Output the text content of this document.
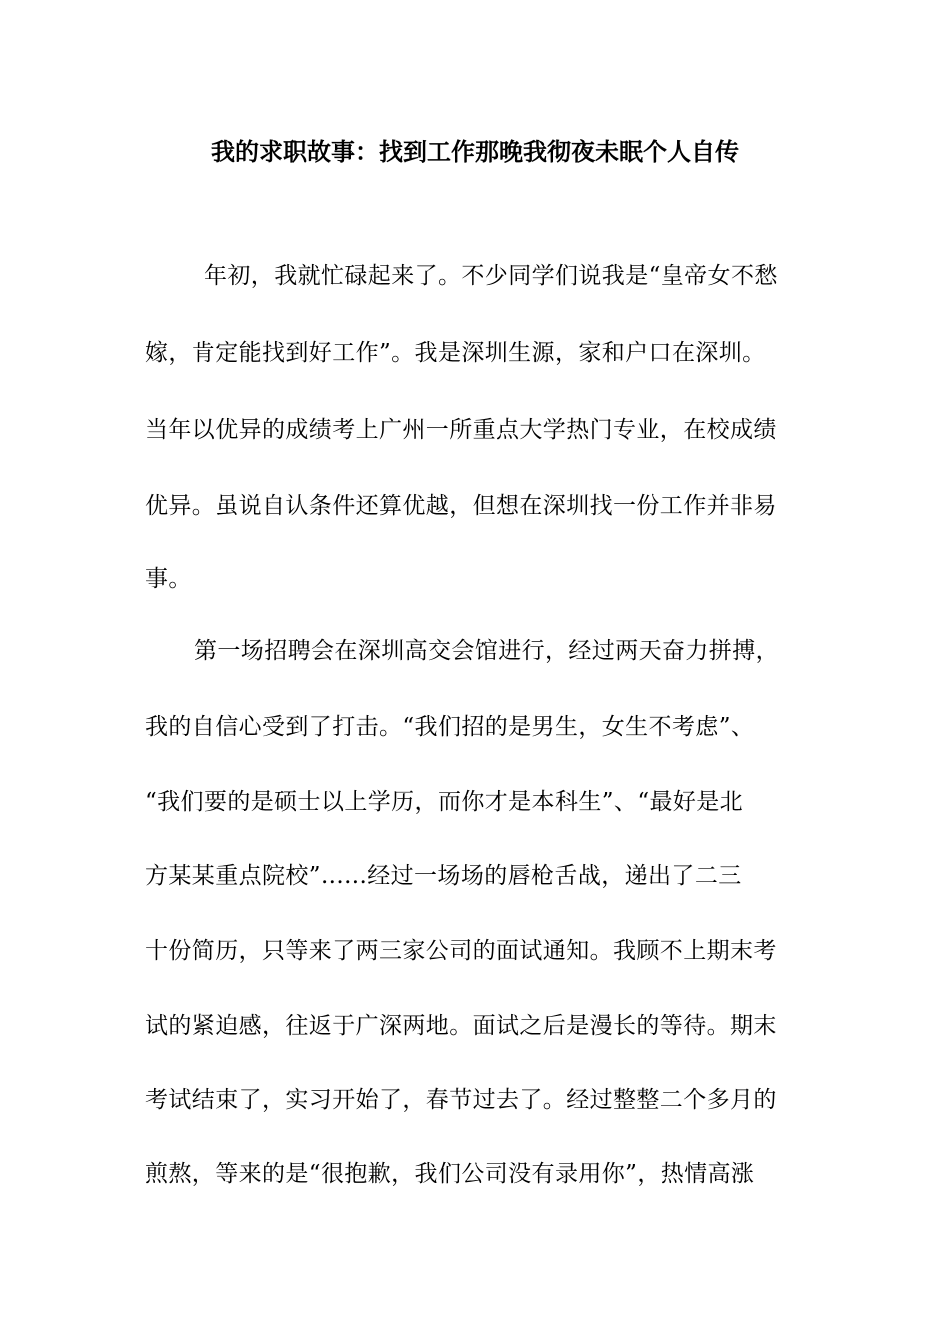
我的求职故事：找到工作那晚我彻夜未眠个人自传
年初，我就忙碌起来了。不少同学们说我是“皇帝女不愁
嫁，肯定能找到好工作”。我是深圳生源，家和户口在深圳。
当年以优异的成绩考上广州一所重点大学热门专业，在校成绩
优异。虽说自认条件还算优越，但想在深圳找一份工作并非易
事。
第一场招聘会在深圳高交会馆进行，经过两天奋力拼搏，
我的自信心受到了打击。“我们招的是男生，女生不考虑”、
“我们要的是硕士以上学历，而你才是本科生”、“最好是北
方某某重点院校”......经过一场场的唇枪舌战，递出了二三
十份简历，只等来了两三家公司的面试通知。我顾不上期末考
试的紧迫感，往返于广深两地。面试之后是漫长的等待。期末
考试结束了，实习开始了，春节过去了。经过整整二个多月的
煎熬，等来的是“很抱歉，我们公司没有录用你”，热情高涨
